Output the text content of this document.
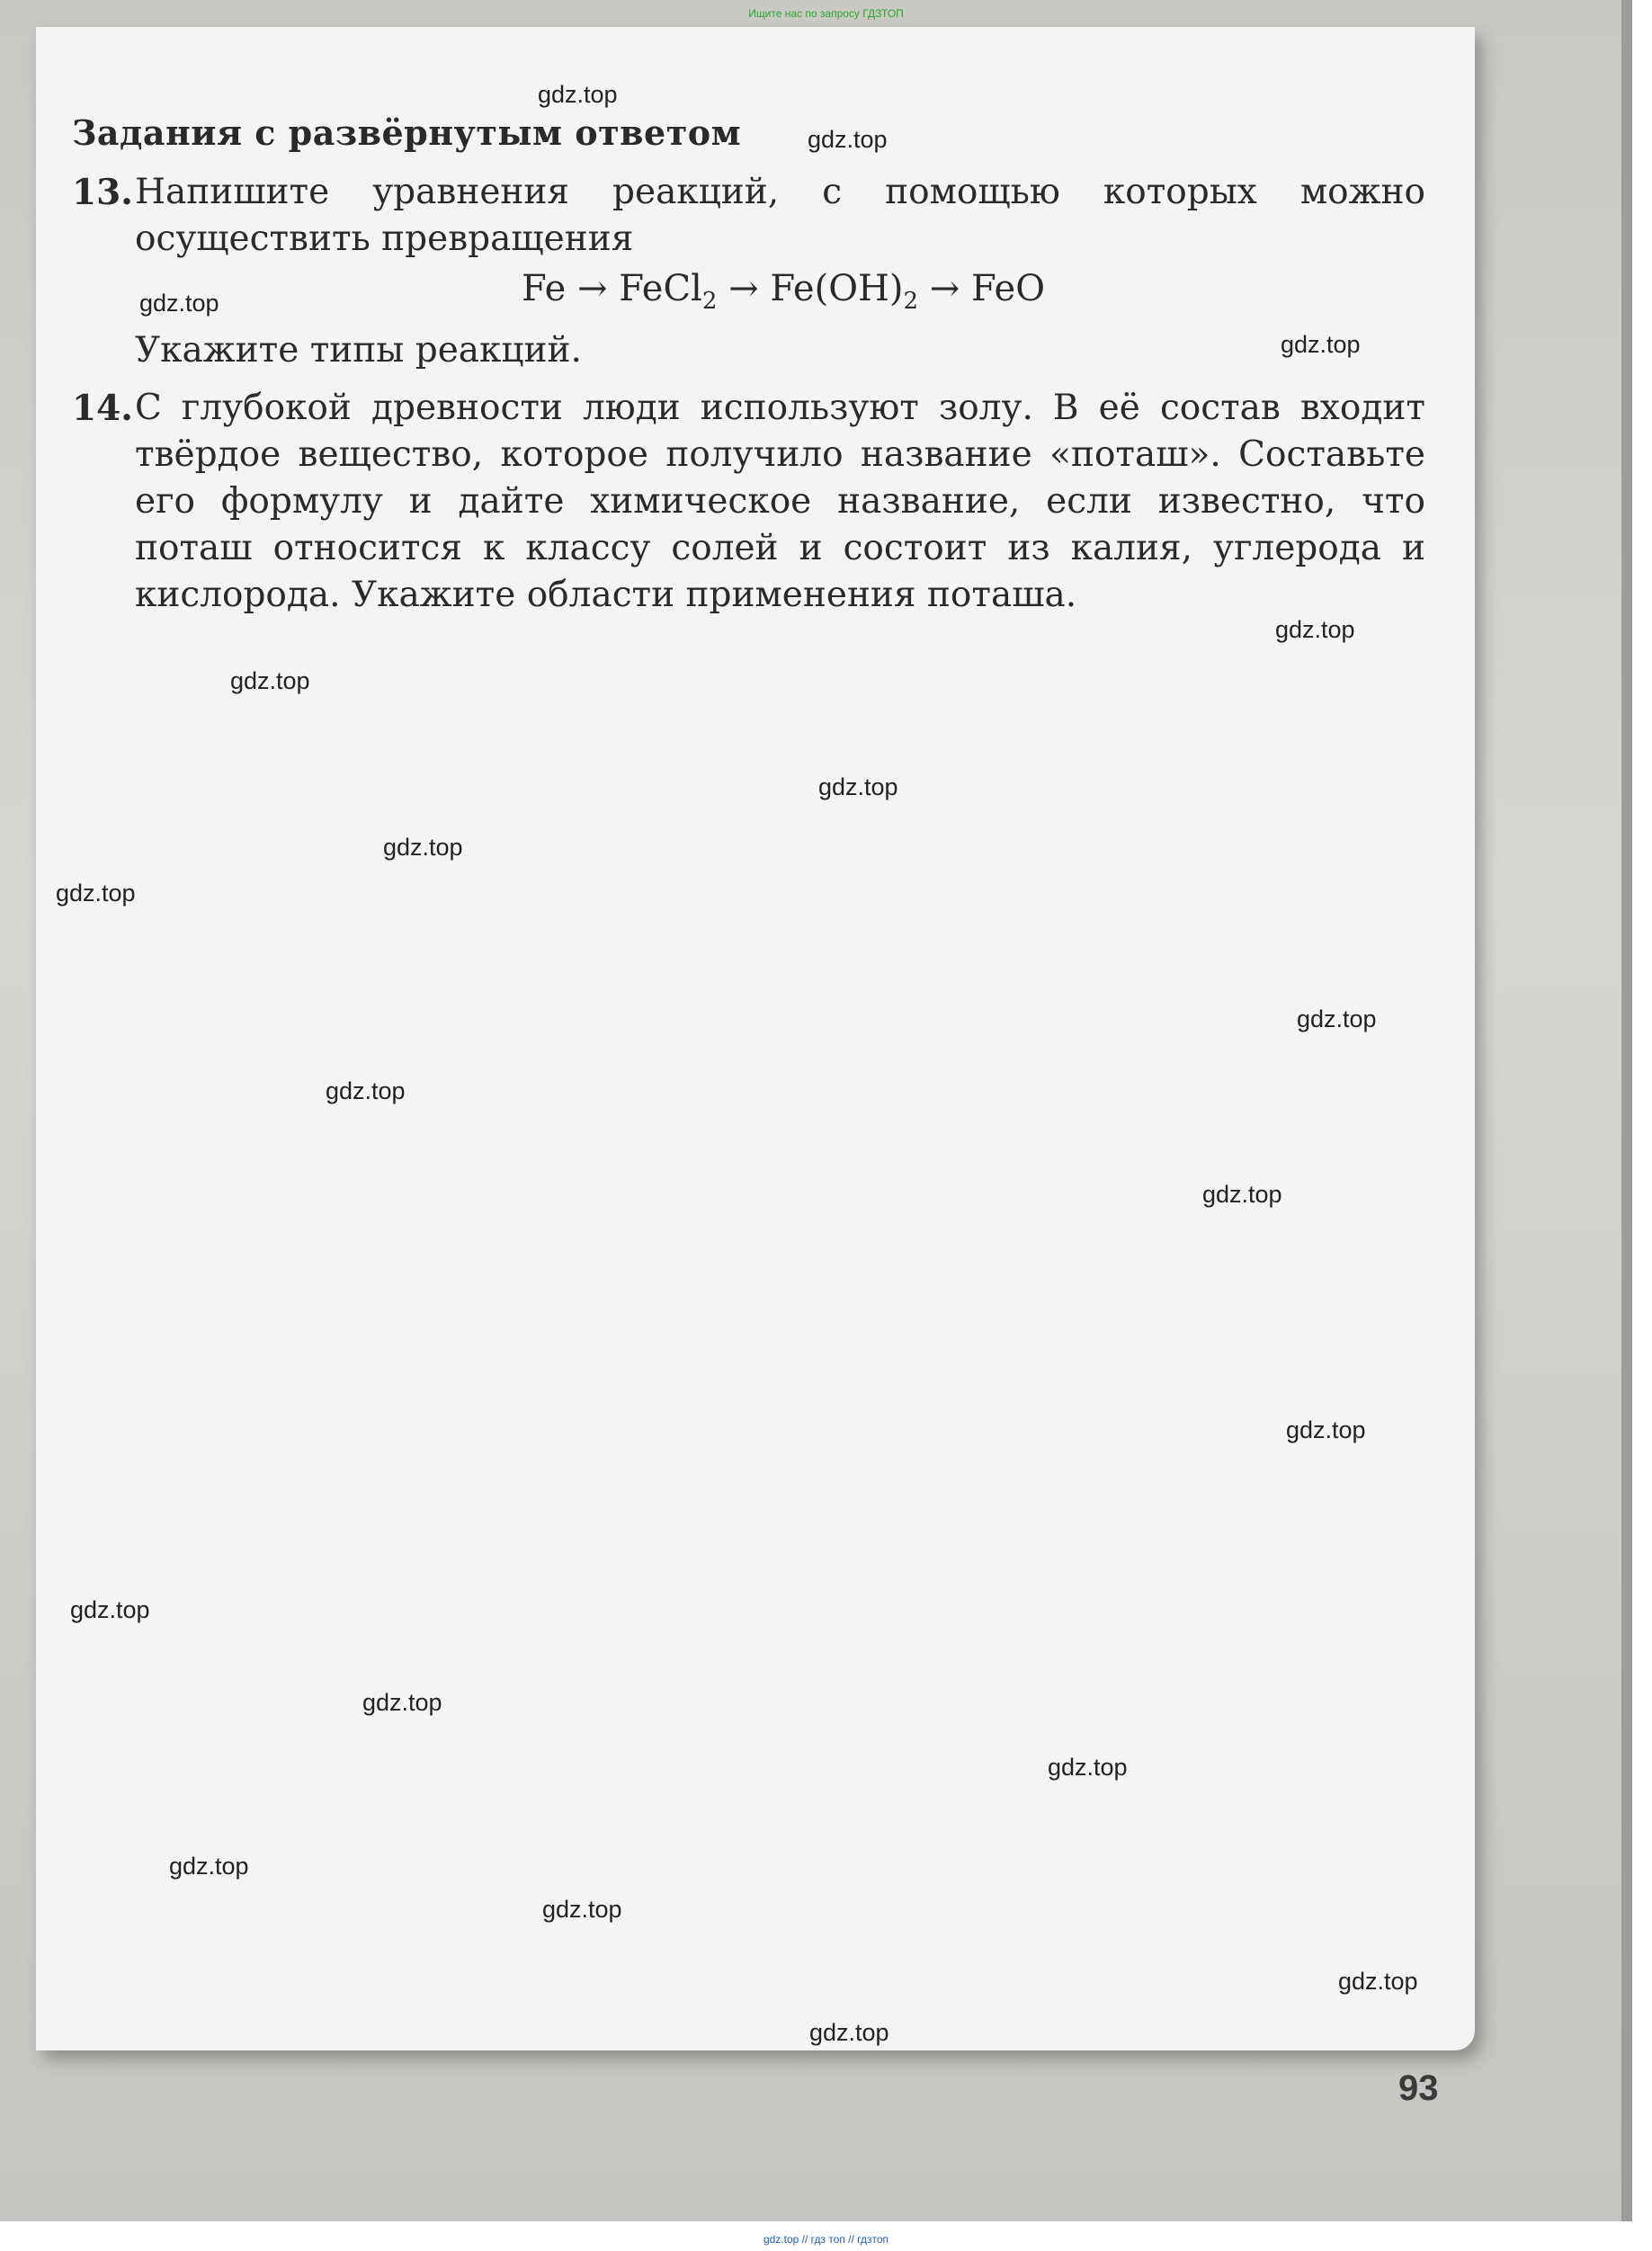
Ищите нас по запросу ГДЗТОП
Задания с развёрнутым ответом
13. Напишите уравнения реакций, с помощью которых можно осуществить превращения
Fe → FeCl$_2$ → $Fe(OH)_2$ → FeO
Укажите типы реакций.
14. С глубокой древности люди используют золу. В её состав входит твёрдое вещество, которое получило название «поташ». Составьте его формулу и дайте химическое название, если известно, что поташ относится к классу солей и состоит из калия, углерода и кислорода. Укажите области применения поташа.
gdz.top
gdz.top
gdz.top
gdz.top
gdz.top
gdz.top
gdz.top
gdz.top
gdz.top
gdz.top
gdz.top
gdz.top
gdz.top
gdz.top
gdz.top
gdz.top
gdz.top
gdz.top
gdz.top
gdz.top
93
gdz.top // гдз топ // гдзтоп
